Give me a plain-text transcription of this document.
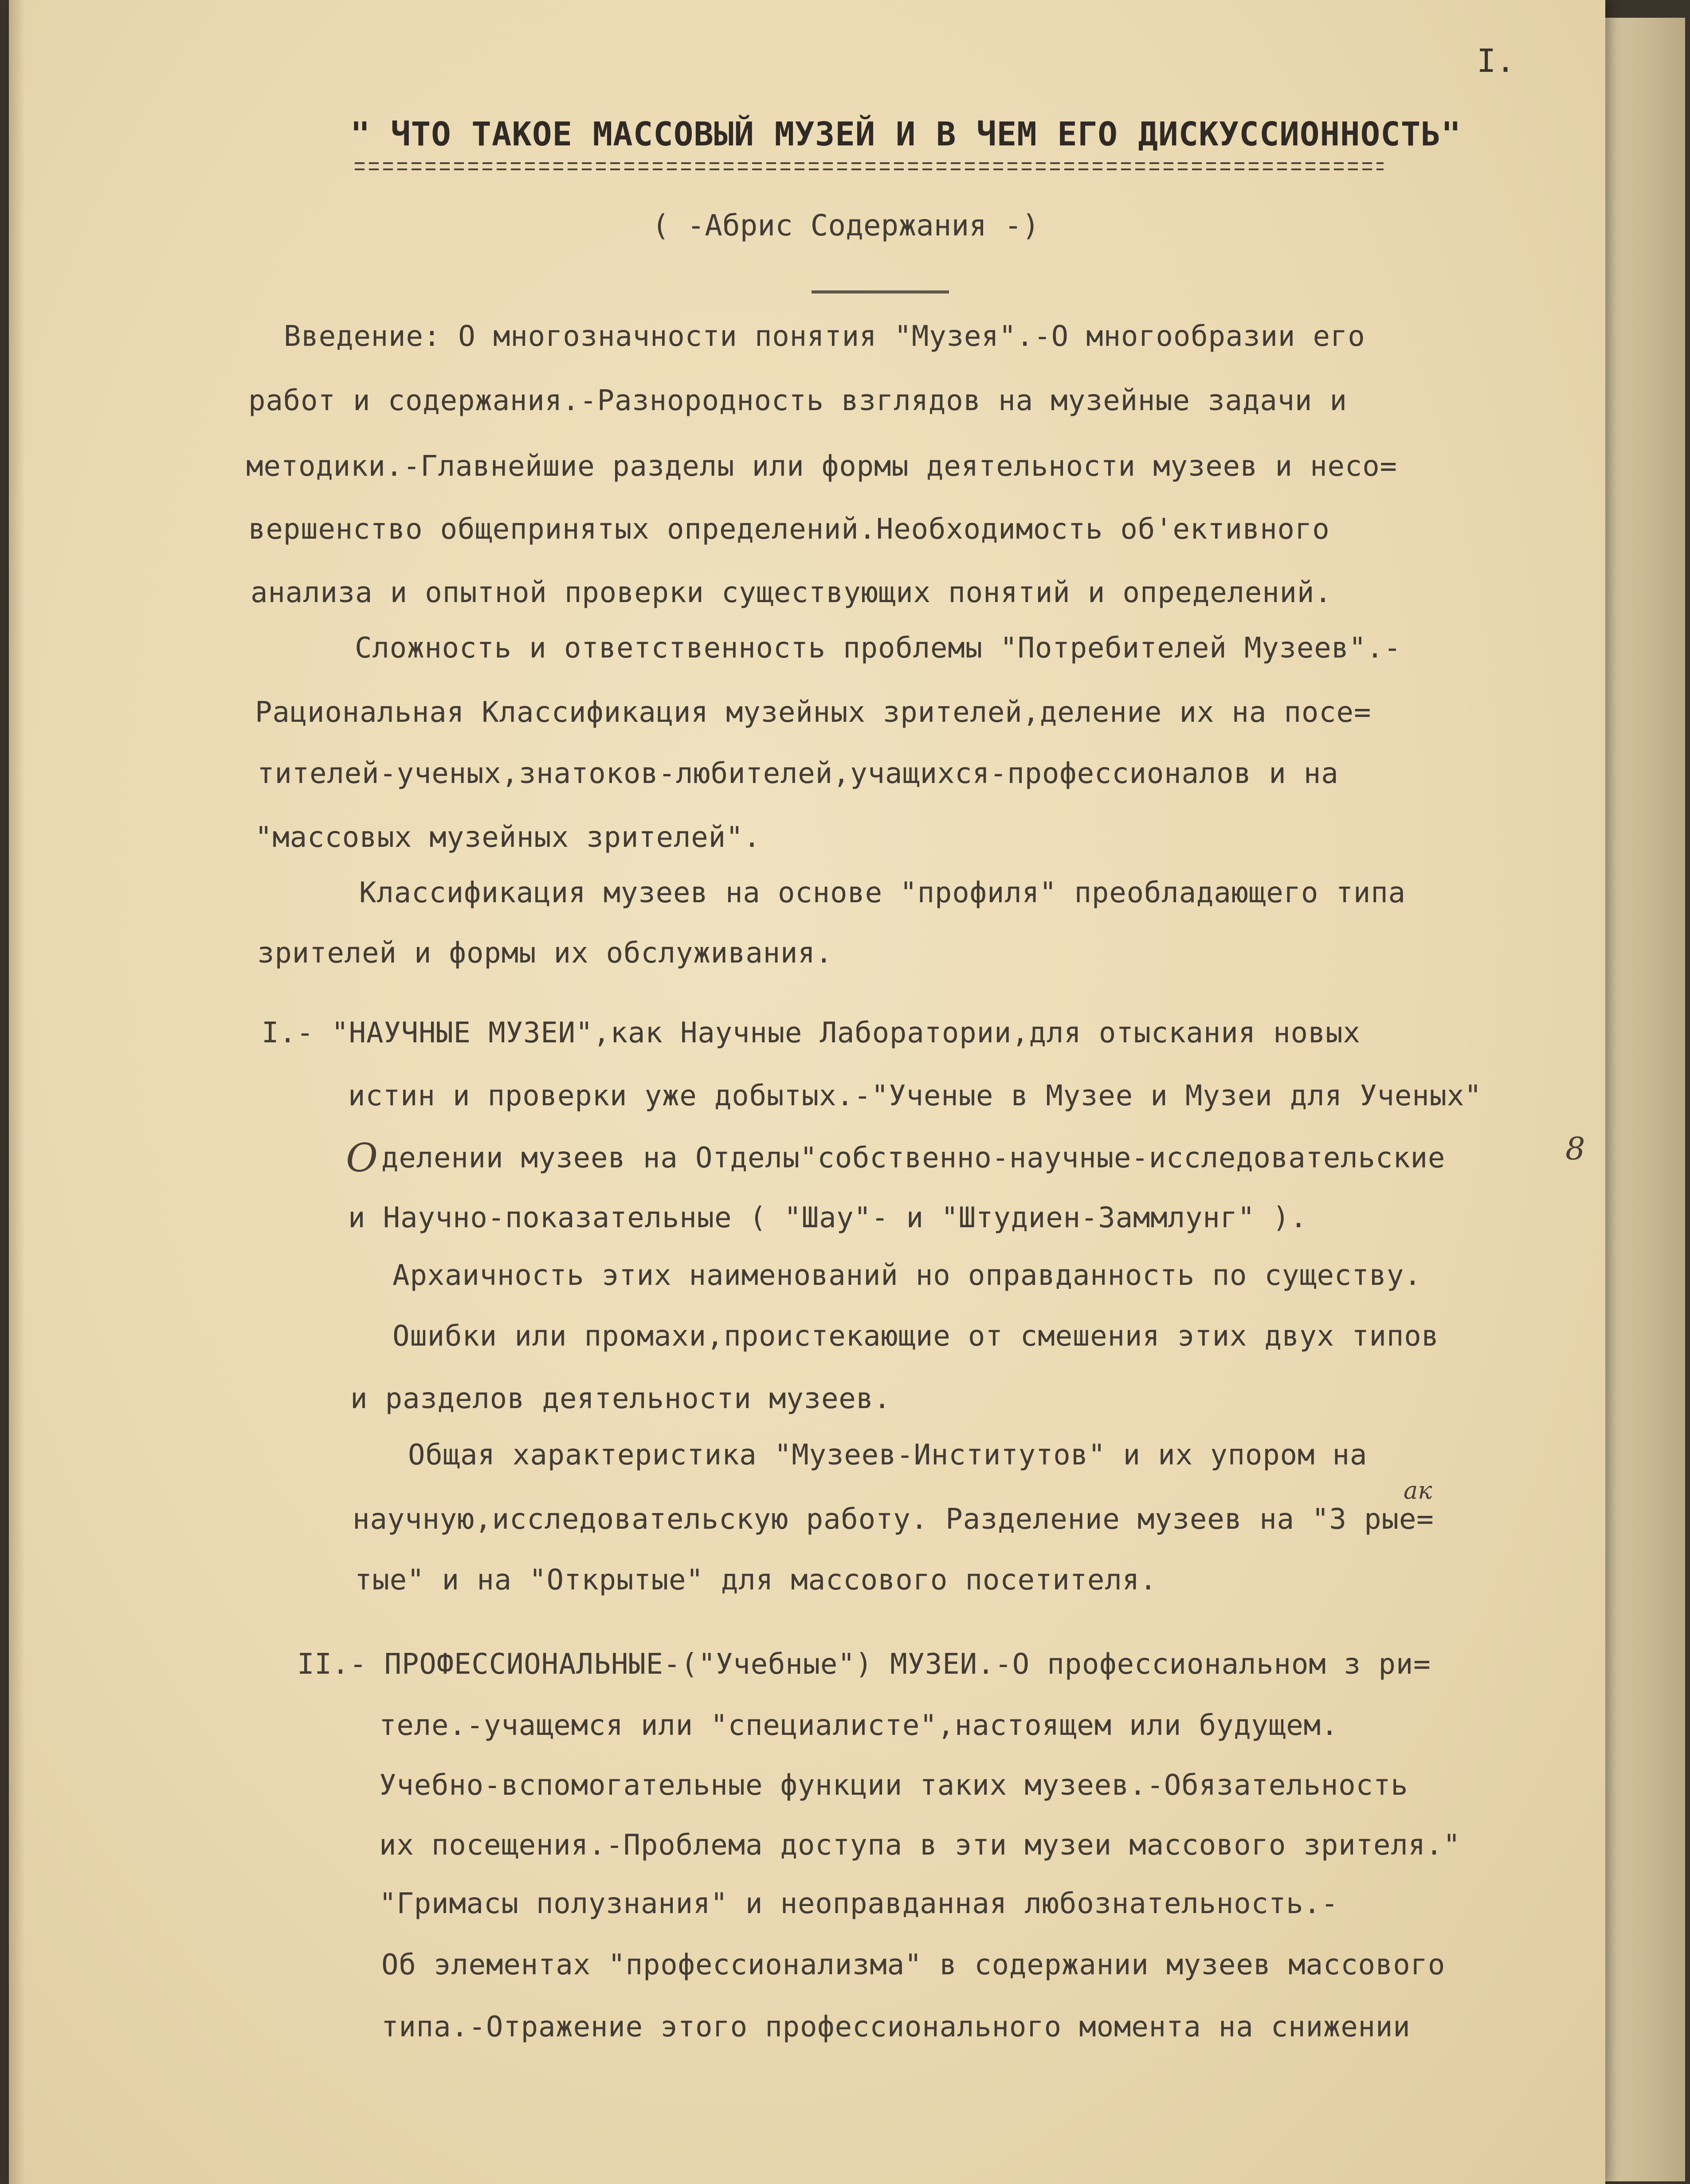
I.
" ЧТО ТАКОЕ МАССОВЫЙ МУЗЕЙ И В ЧЕМ ЕГО ДИСКУССИОННОСТЬ"
( -Абрис Содержания -)
Введение: О многозначности понятия "Музея".-О многообразии его
работ и содержания.-Разнородность взглядов на музейные задачи и
методики.-Главнейшие разделы или формы деятельности музеев и несо=
вершенство общепринятых определений.Необходимость об'ективного
анализа и опытной проверки существующих понятий и определений.
Сложность и ответственность проблемы "Потребителей Музеев".-
Рациональная Классификация музейных зрителей,деление их на посе=
тителей-ученых,знатоков-любителей,учащихся-профессионалов и на
"массовых музейных зрителей".
Классификация музеев на основе "профиля" преобладающего типа
зрителей и формы их обслуживания.
I.- "НАУЧНЫЕ МУЗЕИ",как Научные Лаборатории,для отыскания новых
истин и проверки уже добытых.-"Ученые в Музее и Музеи для Ученых"
О делении музеев на Отделы"собственно-научные-исследовательские	8
и Научно-показательные ( "Шау"- и "Штудиен-Заммлунг" ).
Архаичность этих наименований но оправданность по существу.
Ошибки или промахи,проистекающие от смешения этих двух типов
и разделов деятельности музеев.
Общая характеристика "Музеев-Институтов" и их упором на
ак
научную,исследовательскую работу. Разделение музеев на "З рые=
тые" и на "Открытые" для массового посетителя.
II.- ПРОФЕССИОНАЛЬНЫЕ-("Учебные") МУЗЕИ.-О профессиональном з ри=
теле.-учащемся или "специалисте",настоящем или будущем.
Учебно-вспомогательные функции таких музеев.-Обязательность
их посещения.-Проблема доступа в эти музеи массового зрителя."
"Гримасы полузнания" и неоправданная любознательность.-
Об элементах "профессионализма" в содержании музеев массового
типа.-Отражение этого профессионального момента на снижении
